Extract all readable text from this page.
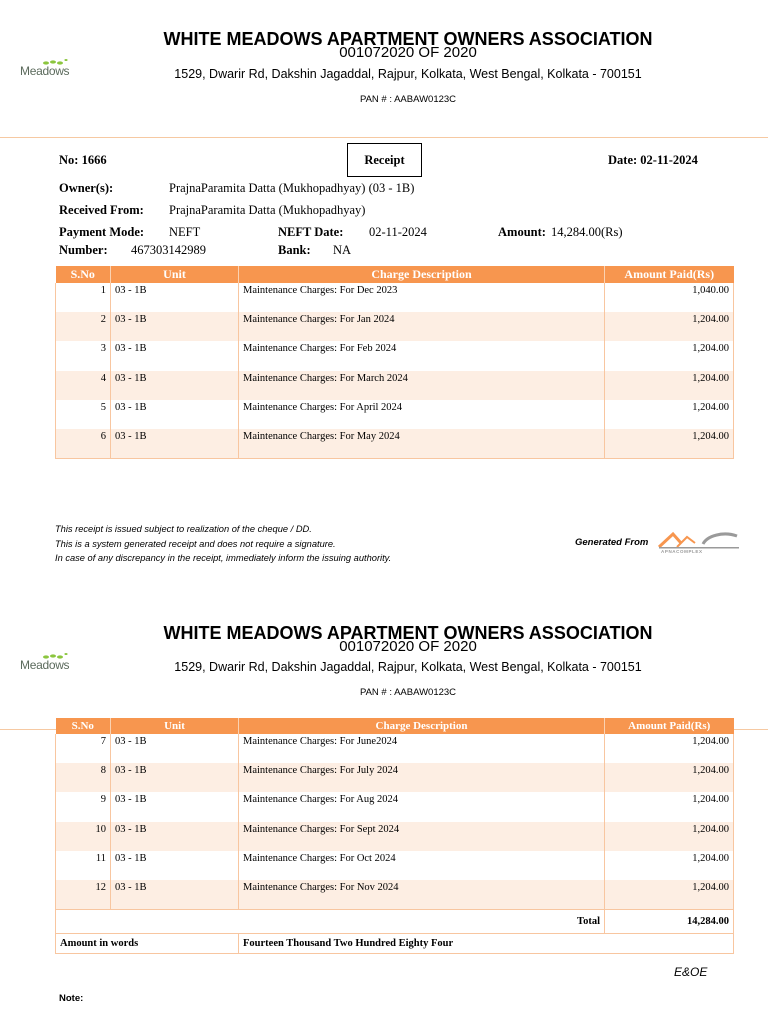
Meadows
WHITE MEADOWS APARTMENT OWNERS ASSOCIATION
001072020 OF 2020
1529, Dwarir Rd, Dakshin Jagaddal, Rajpur, Kolkata, West Bengal, Kolkata - 700151
PAN # : AABAW0123C
No: 1666	Receipt	Date: 02-11-2024
Owner(s):	PrajnaParamita Datta (Mukhopadhyay) (03 - 1B)
Received From: PrajnaParamita Datta (Mukhopadhyay)
Payment Mode: NEFT	NEFT Date: 02-11-2024	Amount: 14,284.00(Rs)
Number: 467303142989	Bank: NA
S.No	Unit	Charge Description	Amount Paid(Rs)
1	03 - 1B	Maintenance Charges: For Dec 2023	1,040.00
2	03 - 1B	Maintenance Charges: For Jan 2024	1,204.00
3	03 - 1B	Maintenance Charges: For Feb 2024	1,204.00
4	03 - 1B	Maintenance Charges: For March 2024	1,204.00
5	03 - 1B	Maintenance Charges: For April 2024	1,204.00
6	03 - 1B	Maintenance Charges: For May 2024	1,204.00
This receipt is issued subject to realization of the cheque / DD.
This is a system generated receipt and does not require a signature.
In case of any discrepancy in the receipt, immediately inform the issuing authority.
Generated From
APNACOMPLEX
Meadows
WHITE MEADOWS APARTMENT OWNERS ASSOCIATION
001072020 OF 2020
1529, Dwarir Rd, Dakshin Jagaddal, Rajpur, Kolkata, West Bengal, Kolkata - 700151
PAN # : AABAW0123C
S.No	Unit	Charge Description	Amount Paid(Rs)
7	03 - 1B	Maintenance Charges: For June2024	1,204.00
8	03 - 1B	Maintenance Charges: For July 2024	1,204.00
9	03 - 1B	Maintenance Charges: For Aug 2024	1,204.00
10	03 - 1B	Maintenance Charges: For Sept 2024	1,204.00
11	03 - 1B	Maintenance Charges: For Oct 2024	1,204.00
12	03 - 1B	Maintenance Charges: For Nov 2024	1,204.00
	Total	14,284.00
Amount in words	Fourteen Thousand Two Hundred Eighty Four	
E&OE
Note:
